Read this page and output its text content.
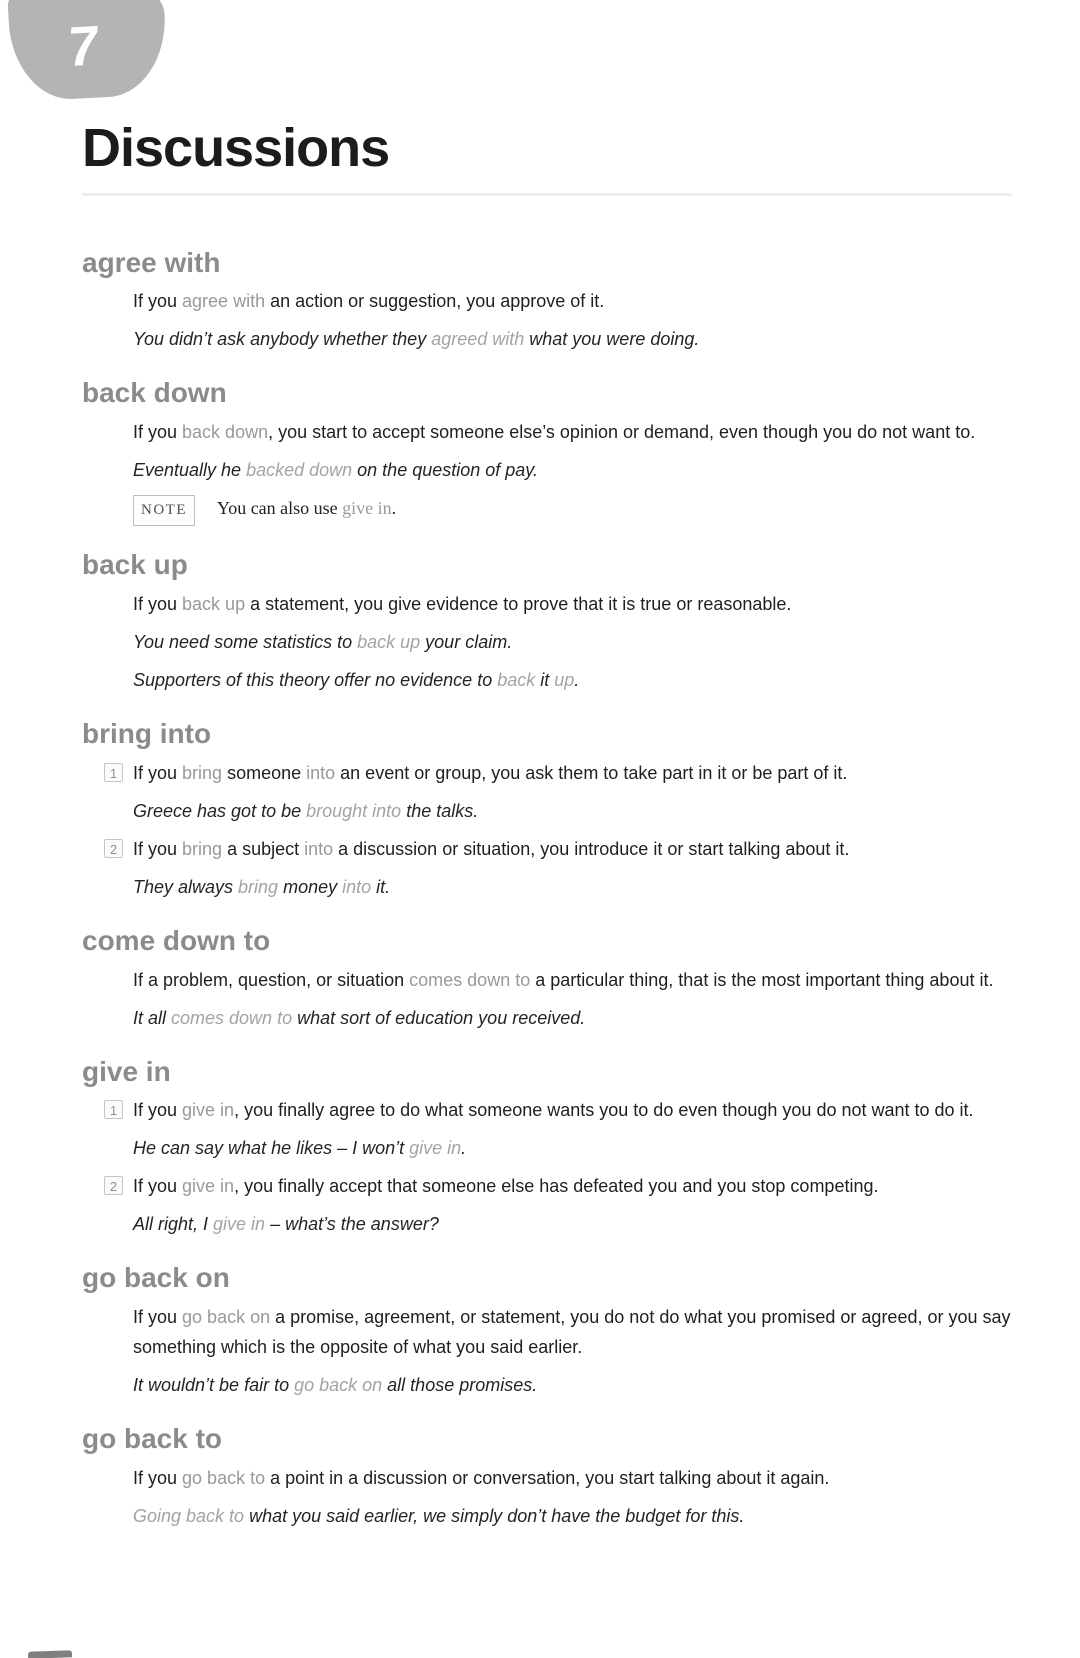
7
Discussions
agree with

If you agree with an action or suggestion, you approve of it.

You didn’t ask anybody whether they agreed with what you were doing.

back down

If you back down, you start to accept someone else’s opinion or demand, even though you do not want to.

Eventually he backed down on the question of pay.

NOTE	You can also use give in.

back up

If you back up a statement, you give evidence to prove that it is true or reasonable.

You need some statistics to back up your claim.

Supporters of this theory offer no evidence to back it up.

bring into
1 If you bring someone into an event or group, you ask them to take part in it or be part of it.

Greece has got to be brought into the talks.

2 If you bring a subject into a discussion or situation, you introduce it or start talking about it.

They always bring money into it.

come down to

If a problem, question, or situation comes down to a particular thing, that is the most important thing about it.

It all comes down to what sort of education you received.

give in
1 If you give in, you finally agree to do what someone wants you to do even though you do not want to do it.

He can say what he likes – I won’t give in.

2 If you give in, you finally accept that someone else has defeated you and you stop competing.

All right, I give in – what’s the answer?

go back on

If you go back on a promise, agreement, or statement, you do not do what you promised or agreed, or you say something which is the opposite of what you said earlier.

It wouldn’t be fair to go back on all those promises.

go back to

If you go back to a point in a discussion or conversation, you start talking about it again.

Going back to what you said earlier, we simply don’t have the budget for this.
